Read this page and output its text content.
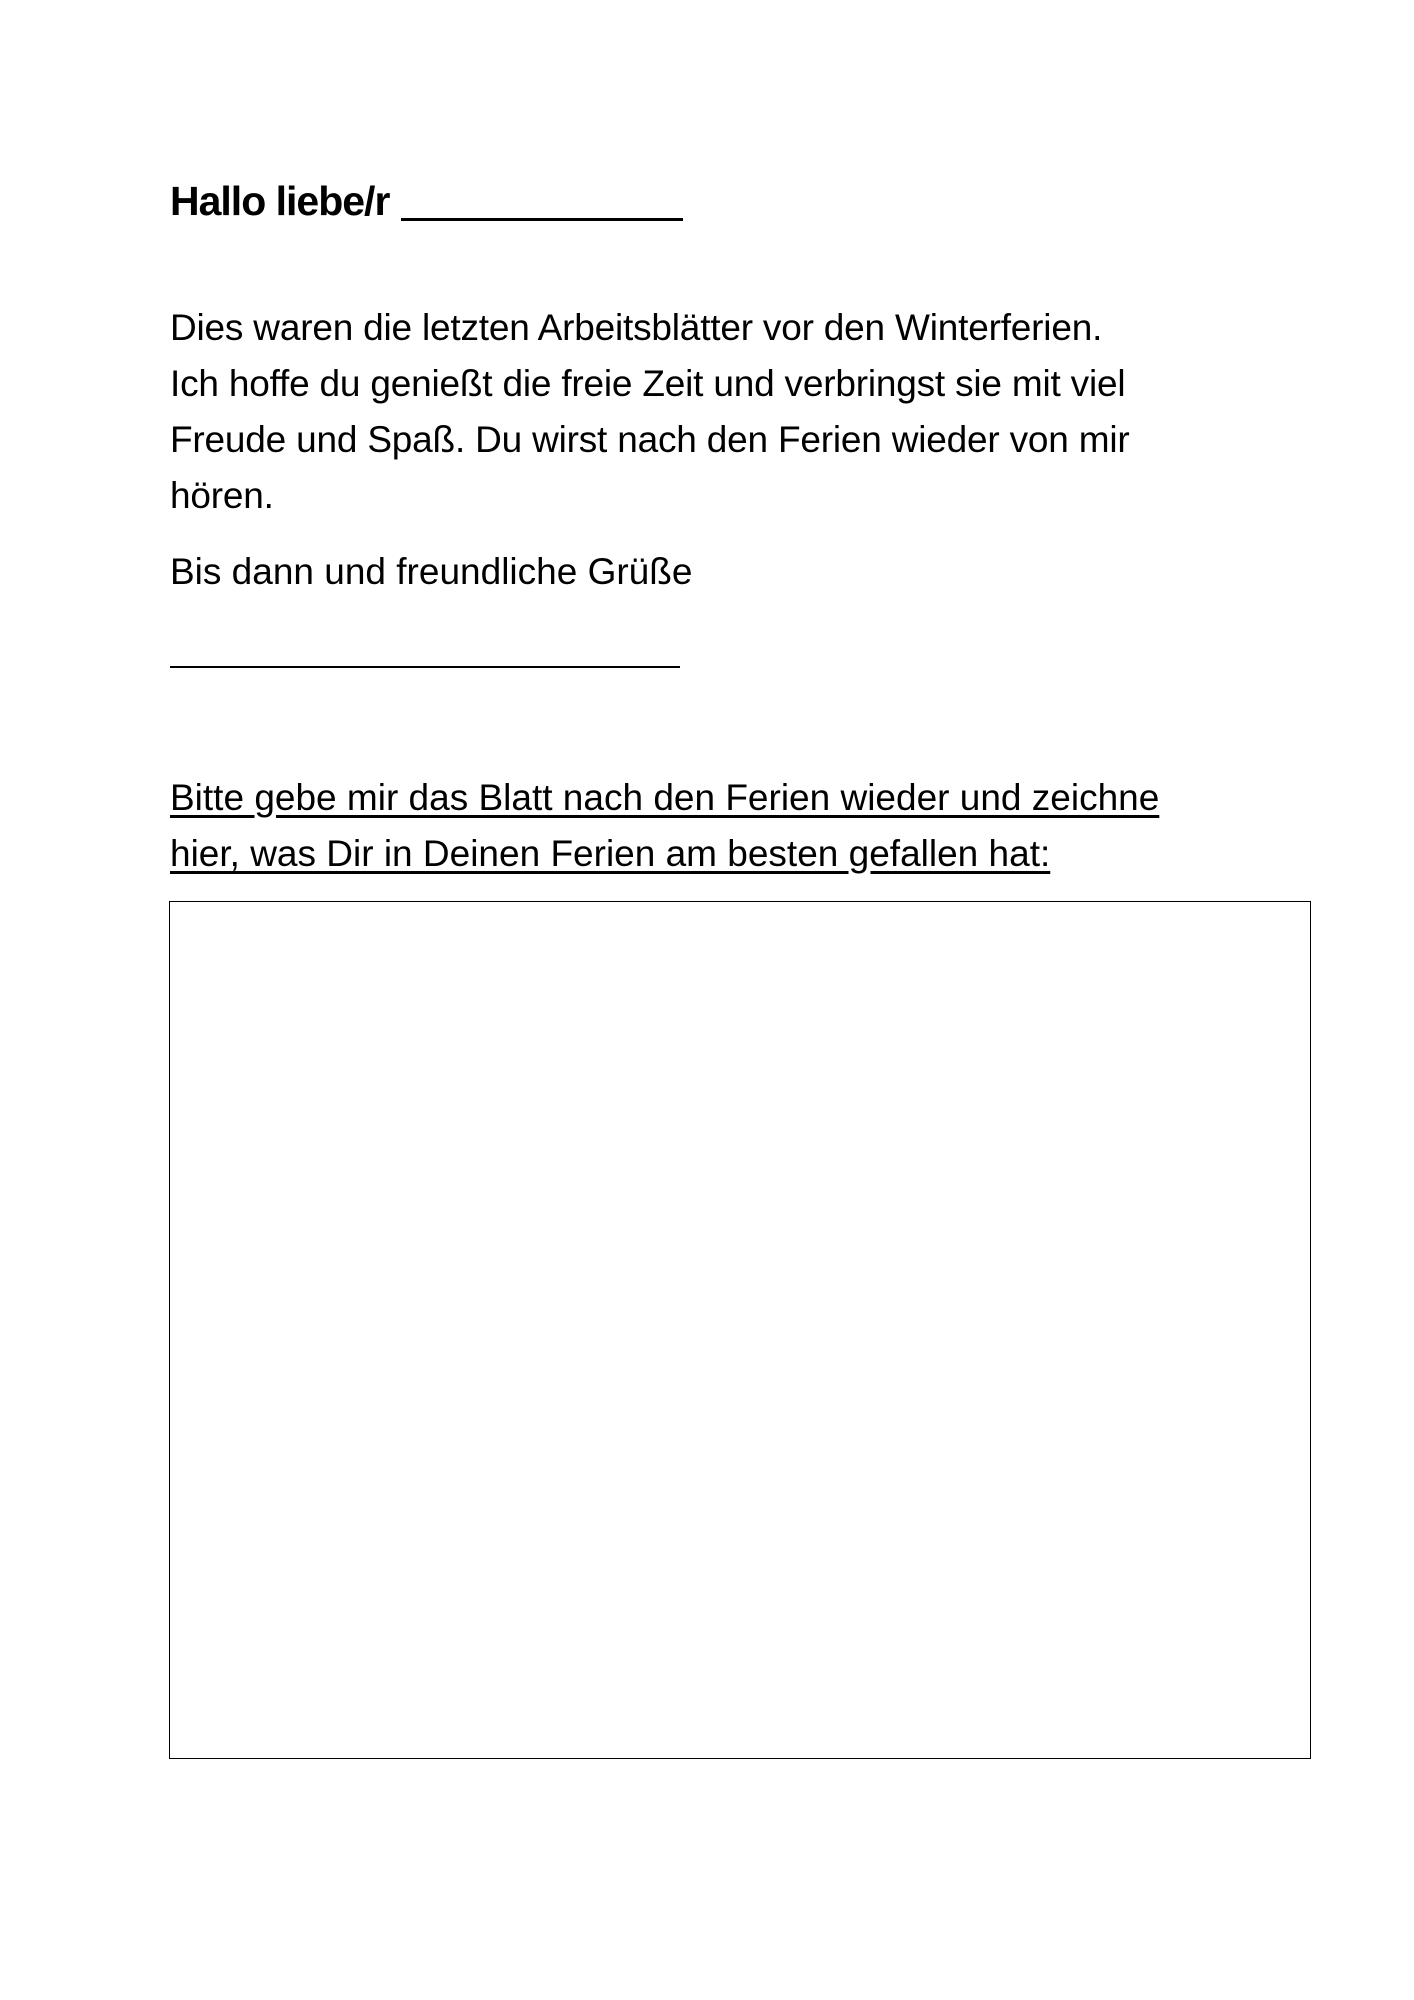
Hallo liebe/r

Dies waren die letzten Arbeitsblätter vor den Winterferien.

Ich hoffe du genießt die freie Zeit und verbringst sie mit viel

Freude und Spaß. Du wirst nach den Ferien wieder von mir

hören.

Bis dann und freundliche Grüße

Bitte gebe mir das Blatt nach den Ferien wieder und zeichne

hier, was Dir in Deinen Ferien am besten gefallen hat:
